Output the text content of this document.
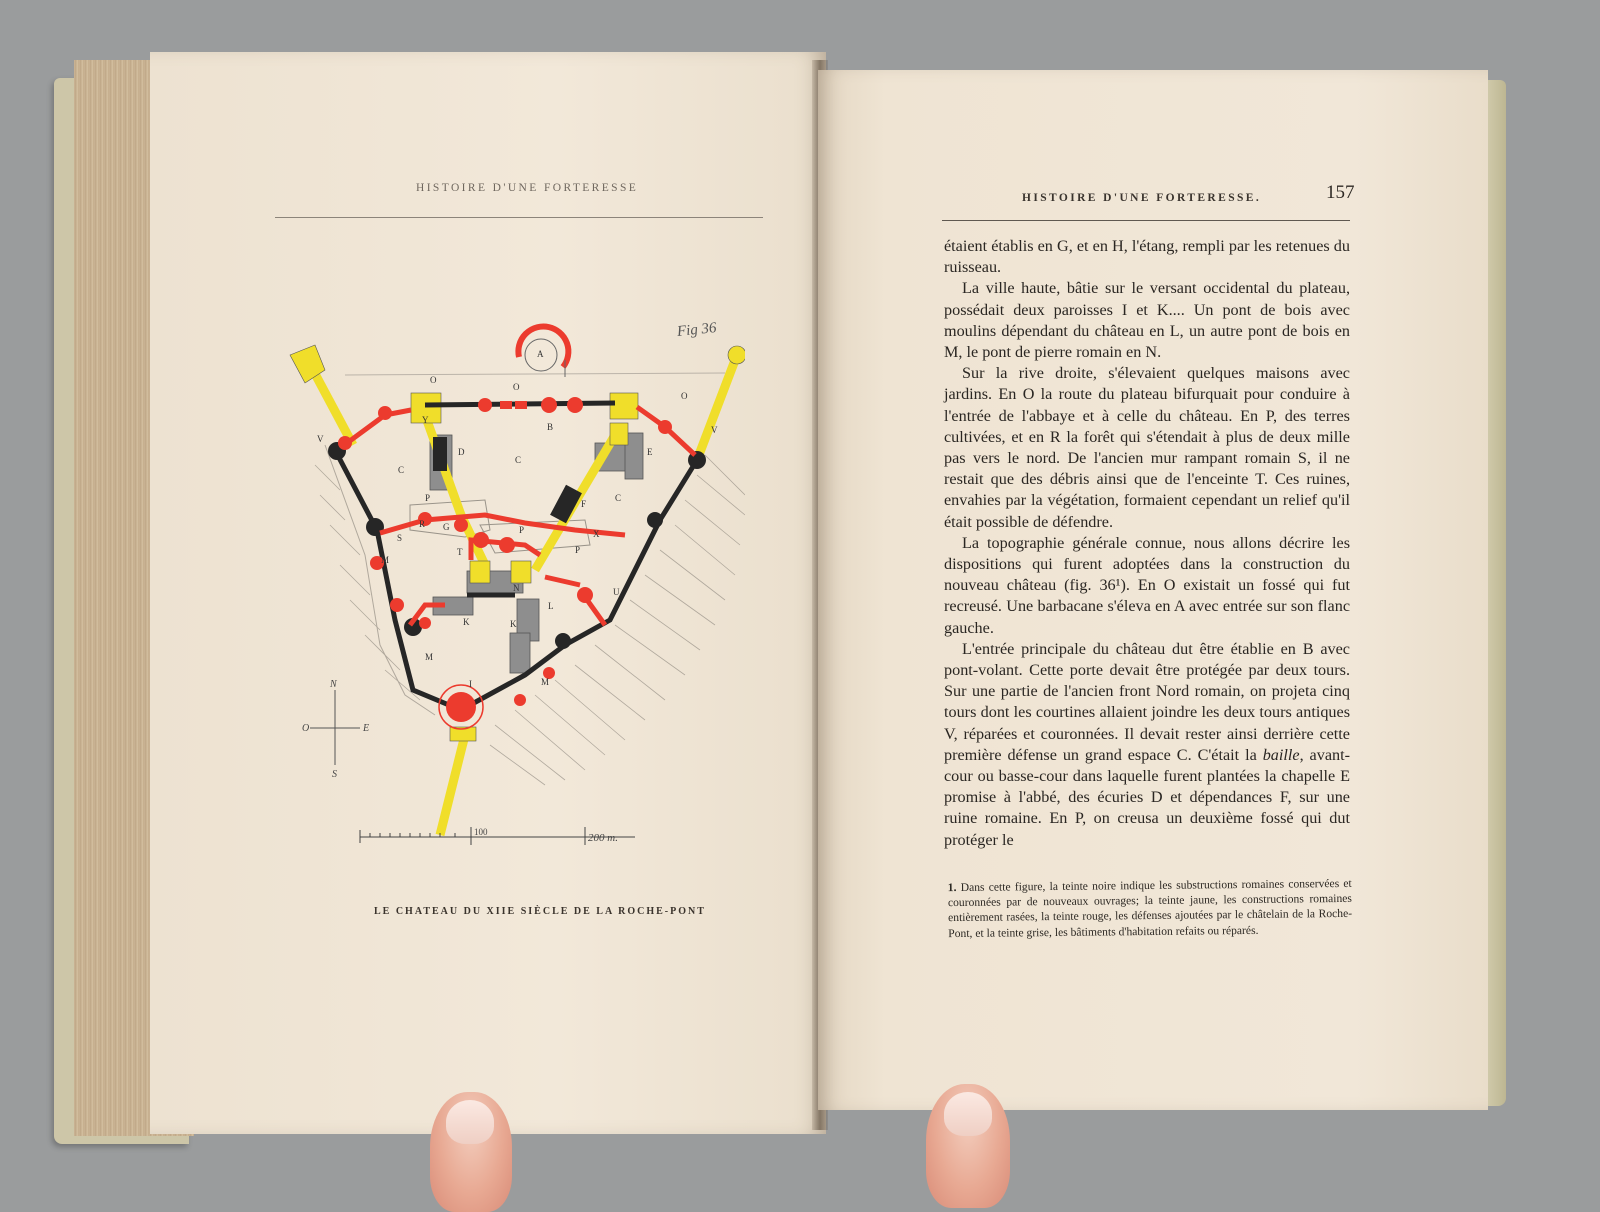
HISTOIRE D'UNE FORTERESSE
Fig 36
A
O
O
O
V
V
Y
B
D
C
C
C
E
F
P
P
P
S
R G
T
X
N
M
M
M
K	K
L
U
I
N
S
E
O
100	200 m.
LE CHATEAU DU XIIE SIÈCLE DE LA ROCHE-PONT
HISTOIRE D'UNE FORTERESSE.	157

étaient établis en G, et en H, l'étang, rempli par les retenues du ruisseau.

La ville haute, bâtie sur le versant occidental du plateau, possédait deux paroisses I et K.... Un pont de bois avec moulins dépendant du château en L, un autre pont de bois en M, le pont de pierre romain en N.

Sur la rive droite, s'élevaient quelques maisons avec jardins. En O la route du plateau bifurquait pour conduire à l'entrée de l'abbaye et à celle du château. En P, des terres cultivées, et en R la forêt qui s'étendait à plus de deux mille pas vers le nord. De l'ancien mur rampant romain S, il ne restait que des débris ainsi que de l'enceinte T. Ces ruines, envahies par la végétation, formaient cependant un relief qu'il était possible de défendre.

La topographie générale connue, nous allons décrire les dispositions qui furent adoptées dans la construction du nouveau château (fig. 36¹). En O existait un fossé qui fut recreusé. Une barbacane s'éleva en A avec entrée sur son flanc gauche.

L'entrée principale du château dut être établie en B avec pont-volant. Cette porte devait être protégée par deux tours. Sur une partie de l'ancien front Nord romain, on projeta cinq tours dont les courtines allaient joindre les deux tours antiques V, réparées et couronnées. Il devait rester ainsi derrière cette première défense un grand espace C. C'était la baille, avant-cour ou basse-cour dans laquelle furent plantées la chapelle E promise à l'abbé, des écuries D et dépendances F, sur une ruine romaine. En P, on creusa un deuxième fossé qui dut protéger le

1. Dans cette figure, la teinte noire indique les substructions romaines conservées et couronnées par de nouveaux ouvrages; la teinte jaune, les constructions romaines entièrement rasées, la teinte rouge, les défenses ajoutées par le châtelain de la Roche-Pont, et la teinte grise, les bâtiments d'habitation refaits ou réparés.
